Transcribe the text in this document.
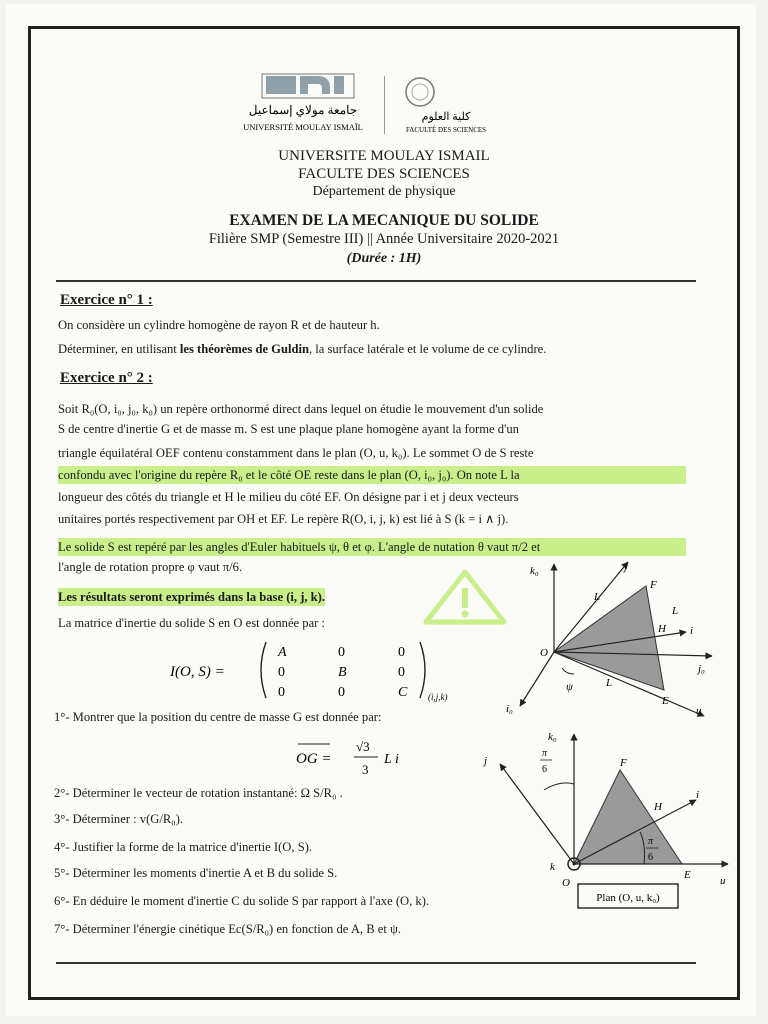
جامعة مولاي إسماعيل
UNIVERSITÉ MOULAY ISMAÏL
كلية العلوم
FACULTÉ DES SCIENCES
UNIVERSITE MOULAY ISMAIL
FACULTE DES SCIENCES
Département de physique
EXAMEN DE LA MECANIQUE DU SOLIDE
Filière SMP (Semestre III) || Année Universitaire 2020-2021
(Durée : 1H)
Exercice n° 1 :
On considère un cylindre homogène de rayon R et de hauteur h.
Déterminer, en utilisant les théorèmes de Guldin, la surface latérale et le volume de ce cylindre.
Exercice n° 2 :
Soit R₀(O, i₀, j₀, k₀) un repère orthonormé direct dans lequel on étudie le mouvement d'un solide
S de centre d'inertie G et de masse m. S est une plaque plane homogène ayant la forme d'un
triangle équilatéral OEF contenu constamment dans le plan (O, u, k₀). Le sommet O de S reste
confondu avec l'origine du repère R₀ et le côté OE reste dans le plan (O, i₀, j₀). On note L la
longueur des côtés du triangle et H le milieu du côté EF. On désigne par i et j deux vecteurs
unitaires portés respectivement par OH et EF. Le repère R(O, i, j, k) est lié à S (k = i ∧ j).
Le solide S est repéré par les angles d'Euler habituels ψ, θ et φ. L'angle de nutation θ vaut π/2 et
l'angle de rotation propre φ vaut π/6.
Les résultats seront exprimés dans la base (i, j, k).
La matrice d'inertie du solide S en O est donnée par :
I(O, S) =
A	0	0
0	B	0
0	0	C (i,j,k)
1°- Montrer que la position du centre de masse G est donnée par:
OG =
√3
3
L i
2°- Déterminer le vecteur de rotation instantané: Ω S/R₀ .
3°- Déterminer : v(G/R₀).
4°- Justifier la forme de la matrice d'inertie I(O, S).
5°- Déterminer les moments d'inertie A et B du solide S.
6°- En déduire le moment d'inertie C du solide S par rapport à l'axe (O, k).
7°- Déterminer l'énergie cinétique Ec(S/R₀) en fonction de A, B et ψ.
k₀	j
F
L
L
L
H i
O
j₀
ψ
E
i₀	u
k₀
j
π
6
F
H
i
π
6
k
O
E	u
Plan (O, u, k₀)
